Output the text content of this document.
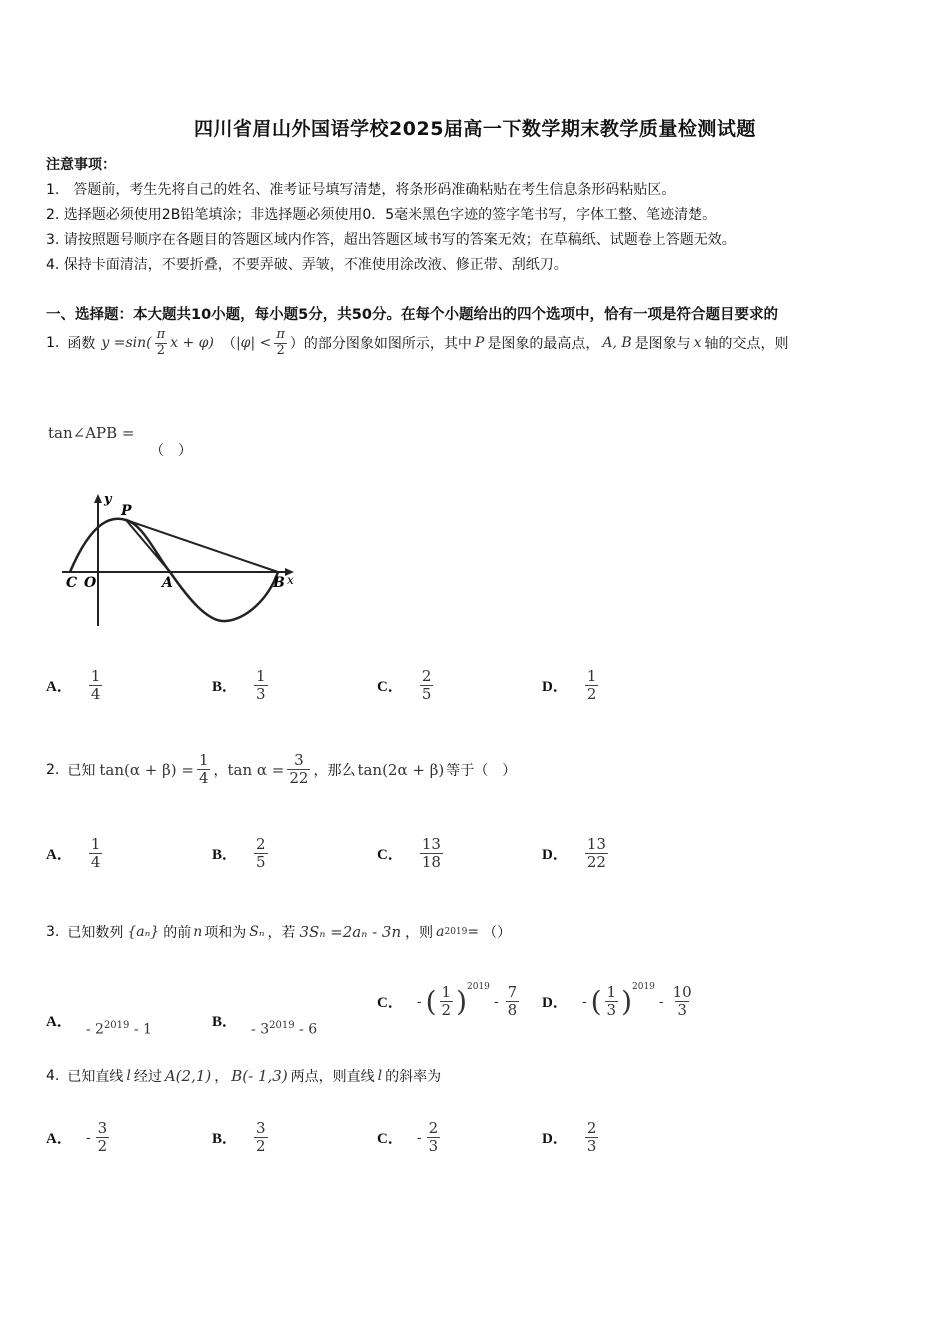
四川省眉山外国语学校2025届高一下数学期末教学质量检测试题
注意事项：
1.　答题前，考生先将自己的姓名、准考证号填写清楚，将条形码准确粘贴在考生信息条形码粘贴区。
2. 选择题必须使用2B铅笔填涂；非选择题必须使用0．5毫米黑色字迹的签字笔书写，字体工整、笔迹清楚。
3. 请按照题号顺序在各题目的答题区域内作答，超出答题区域书写的答案无效；在草稿纸、试题卷上答题无效。
4. 保持卡面清洁，不要折叠，不要弄破、弄皱，不准使用涂改液、修正带、刮纸刀。
一、选择题：本大题共10小题，每小题5分，共50分。在每个小题给出的四个选项中，恰有一项是符合题目要求的
1. 函数 $y =\sin( \frac{\pi}{2}$ x + φ) （ $|\varphi| < \frac{\pi}{2}$ ）的部分图象如图所示，其中 P 是图象的最高点， A, B 是图象与 x 轴的交点，则
tan∠APB =
（　）
y
P
C O	A	B x
A． $\frac{1}{4}$	B． $\frac{1}{3}$	C． $\frac{2}{5}$	D． $\frac{1}{2}$
2. 已知 $\tan(\alpha + \beta) = \frac{1}{4}$ ， $\tan \alpha = \frac{3}{22}$ ，那么 tan(2α + β) 等于（　）
A． $\frac{1}{4}$	B． $\frac{2}{5}$	C． $\frac{13}{18}$	D． $\frac{13}{22}$
3. 已知数列 {aₙ} 的前 n 项和为 Sₙ ，若 3Sₙ =2aₙ - 3n ，则 a 2019 = （）
A． - $2^{2019} - 1$	B． - $3^{2019} - 6$
C． - ( $\frac{1}{2}$ ) 2019
- $\frac{7}{8}$ D． - ( $\frac{1}{3}$ ) 2019
- $\frac{10}{3}$
4. 已知直线 l 经过 A(2,1) ， B(- 1,3) 两点，则直线 l 的斜率为
A． - $\frac{3}{2}$	B． $\frac{3}{2}$	C． - $\frac{2}{3}$	D． $\frac{2}{3}$
